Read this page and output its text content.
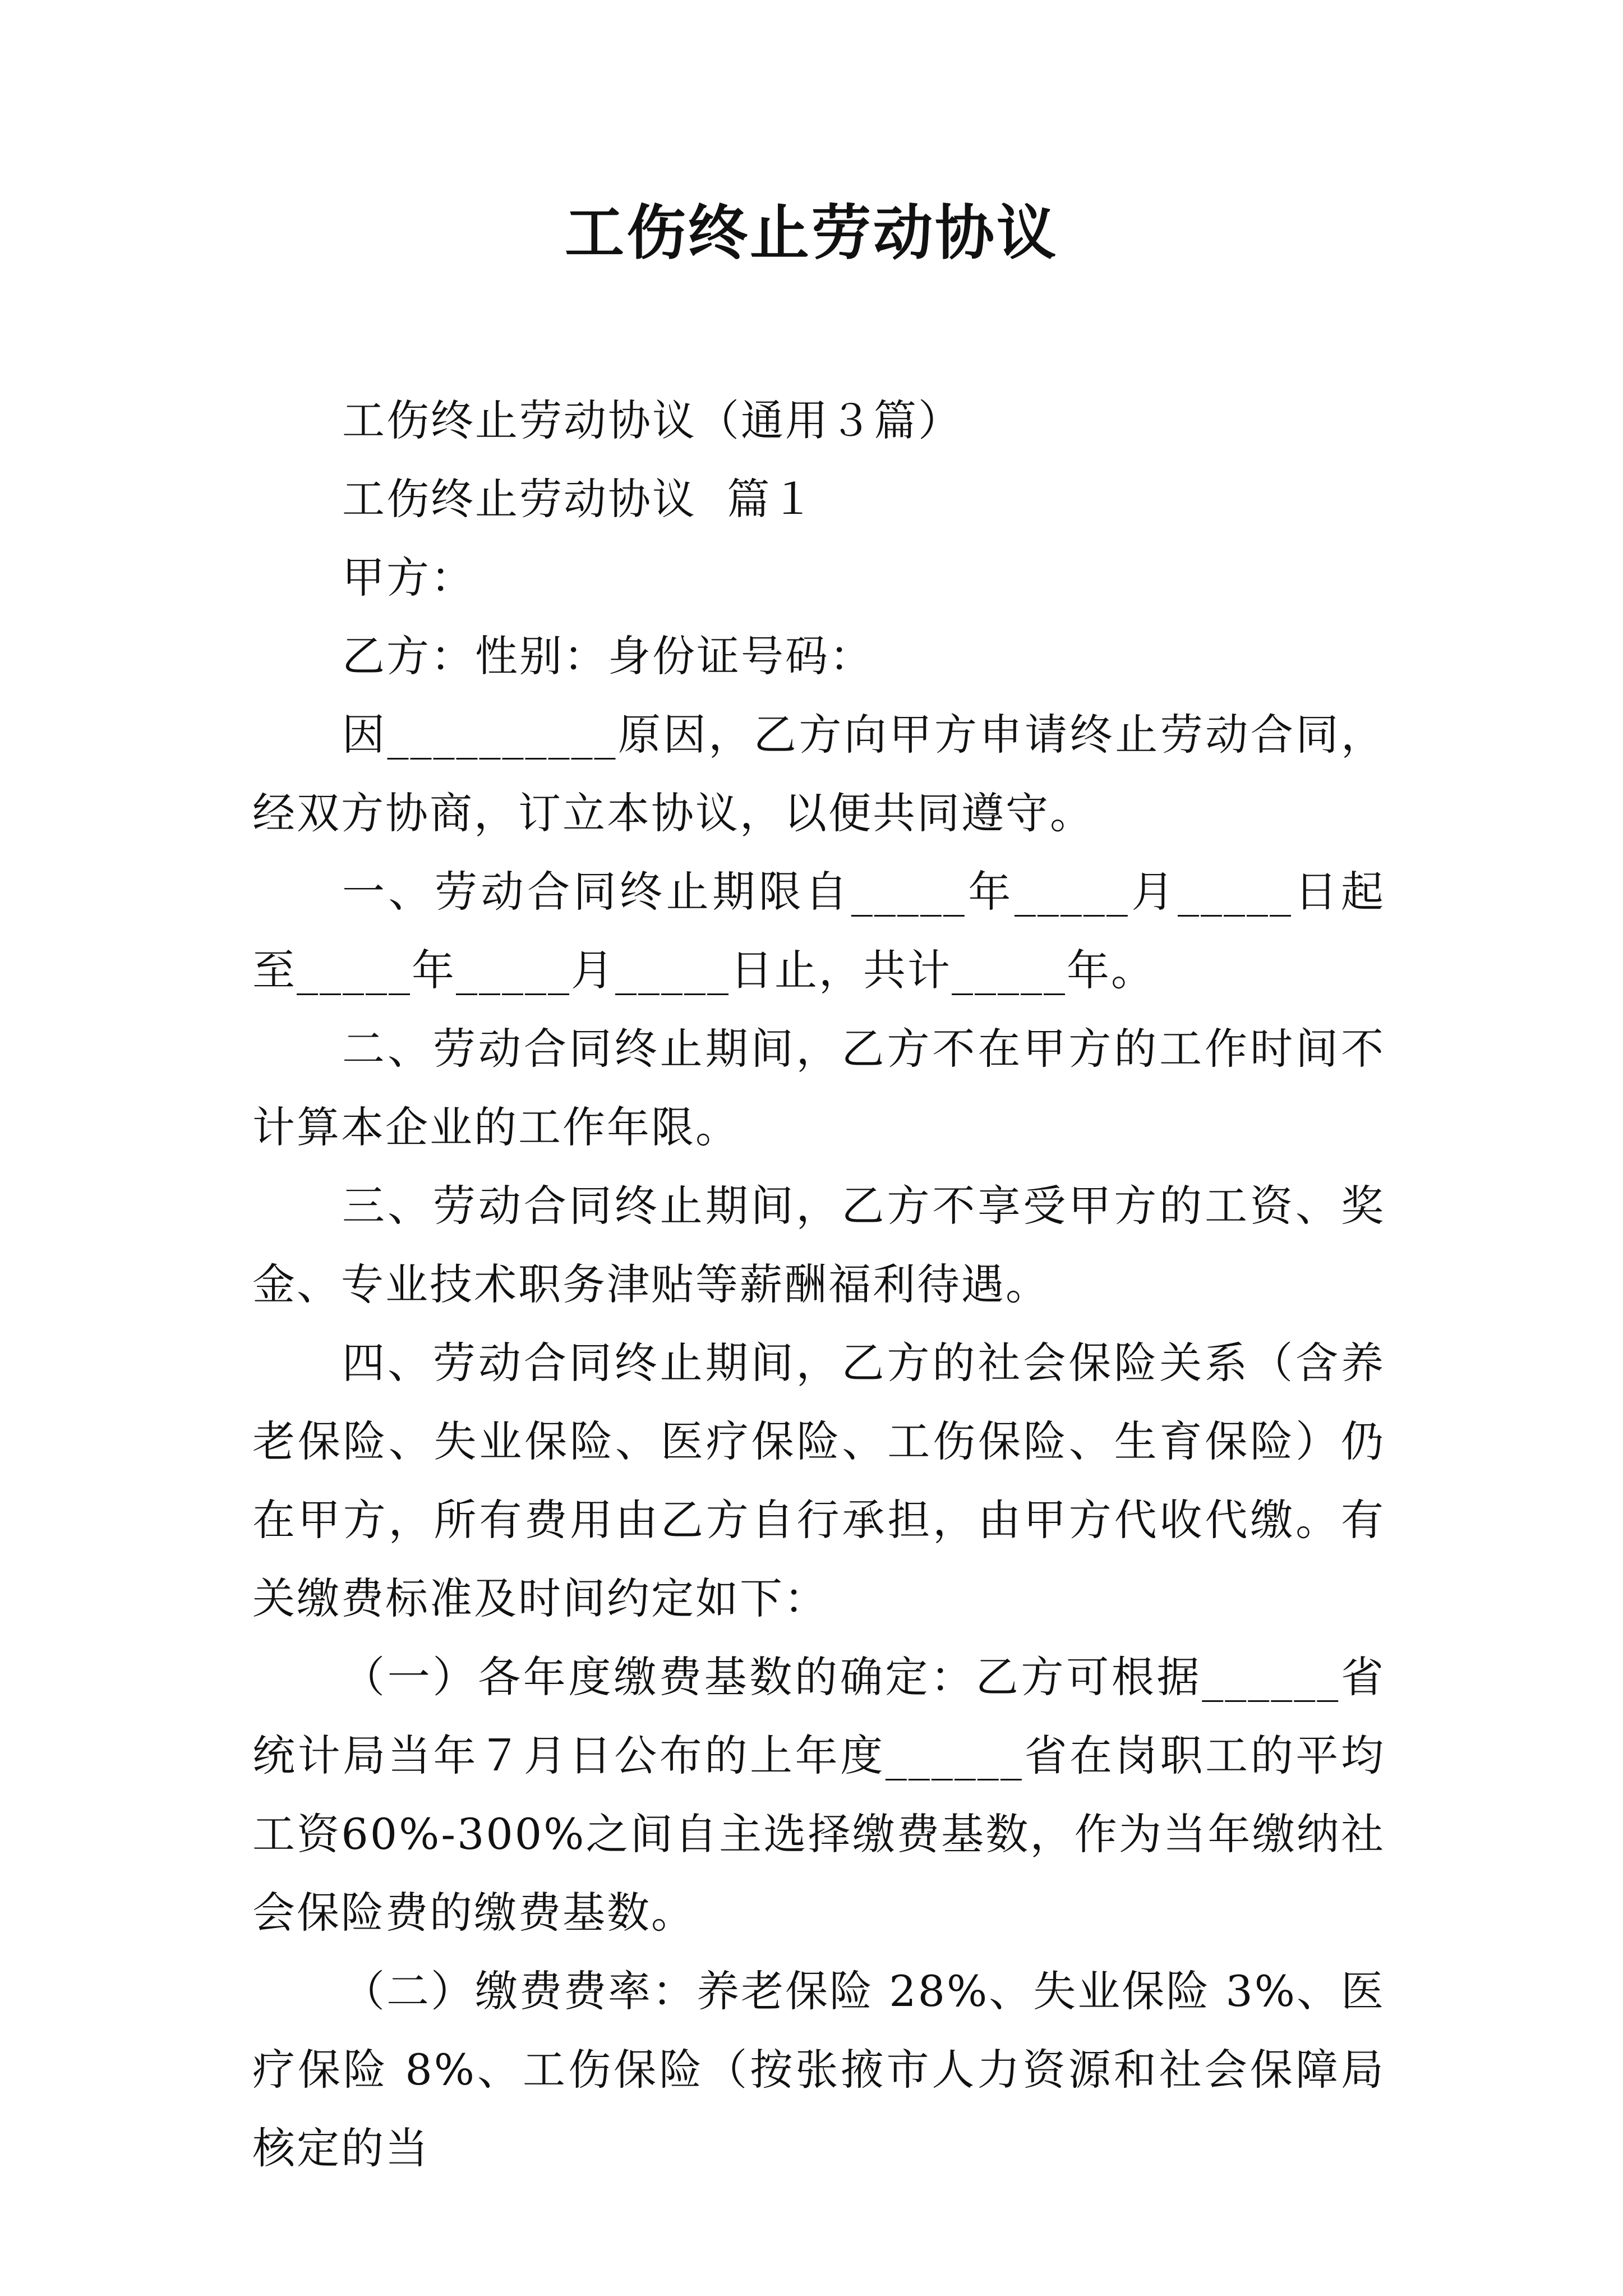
工伤终止劳动协议

工伤终止劳动协议（通用３篇）

工伤终止劳动协议  篇１

甲方：

乙方：性别：身份证号码：

因__________原因，乙方向甲方申请终止劳动合同，经双方协商，订立本协议，以便共同遵守。

一、劳动合同终止期限自_____年_____月_____日起至_____年_____月_____日止，共计_____年。

二、劳动合同终止期间，乙方不在甲方的工作时间不计算本企业的工作年限。

三、劳动合同终止期间，乙方不享受甲方的工资、奖金、专业技术职务津贴等薪酬福利待遇。

四、劳动合同终止期间，乙方的社会保险关系（含养老保险、失业保险、医疗保险、工伤保险、生育保险）仍在甲方，所有费用由乙方自行承担，由甲方代收代缴。有关缴费标准及时间约定如下：

（一）各年度缴费基数的确定：乙方可根据______省统计局当年７月日公布的上年度______省在岗职工的平均工资60%-300%之间自主选择缴费基数，作为当年缴纳社会保险费的缴费基数。

（二）缴费费率：养老保险 28%、失业保险 3%、医疗保险 8%、工伤保险（按张掖市人力资源和社会保障局核定的当
